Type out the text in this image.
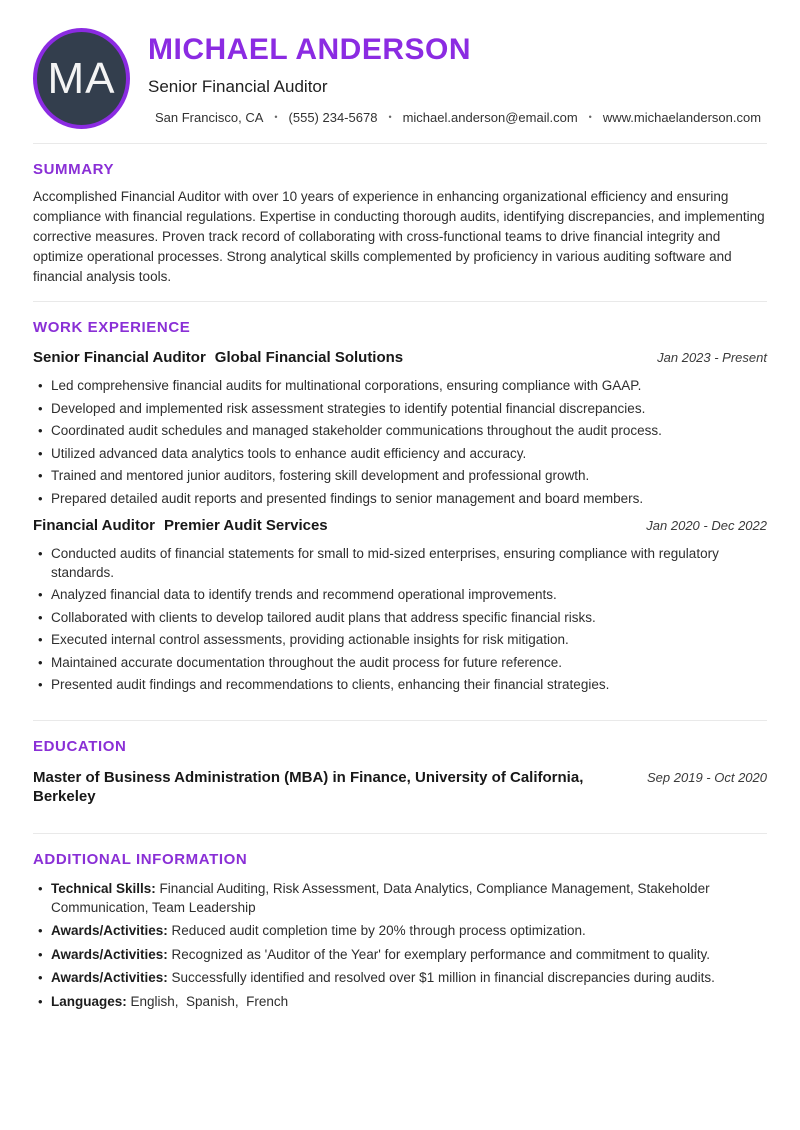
MA
MICHAEL ANDERSON
Senior Financial Auditor
San Francisco, CA • (555) 234-5678 • michael.anderson@email.com • www.michaelanderson.com
SUMMARY

Accomplished Financial Auditor with over 10 years of experience in enhancing organizational efficiency and ensuring compliance with financial regulations. Expertise in conducting thorough audits, identifying discrepancies, and implementing corrective measures. Proven track record of collaborating with cross-functional teams to drive financial integrity and optimize operational processes. Strong analytical skills complemented by proficiency in various auditing software and financial analysis tools.

WORK EXPERIENCE
Senior Financial Auditor Global Financial Solutions	Jan 2023 - Present
• Led comprehensive financial audits for multinational corporations, ensuring compliance with GAAP.
• Developed and implemented risk assessment strategies to identify potential financial discrepancies.
• Coordinated audit schedules and managed stakeholder communications throughout the audit process.
• Utilized advanced data analytics tools to enhance audit efficiency and accuracy.
• Trained and mentored junior auditors, fostering skill development and professional growth.
• Prepared detailed audit reports and presented findings to senior management and board members.
Financial Auditor Premier Audit Services	Jan 2020 - Dec 2022
• Conducted audits of financial statements for small to mid-sized enterprises, ensuring compliance with regulatory standards.
• Analyzed financial data to identify trends and recommend operational improvements.
• Collaborated with clients to develop tailored audit plans that address specific financial risks.
• Executed internal control assessments, providing actionable insights for risk mitigation.
• Maintained accurate documentation throughout the audit process for future reference.
• Presented audit findings and recommendations to clients, enhancing their financial strategies.
EDUCATION
Master of Business Administration (MBA) in Finance, University of California, Berkeley
Sep 2019 - Oct 2020
ADDITIONAL INFORMATION
• Technical Skills: Financial Auditing, Risk Assessment, Data Analytics, Compliance Management, Stakeholder Communication, Team Leadership
• Awards/Activities: Reduced audit completion time by 20% through process optimization.
• Awards/Activities: Recognized as 'Auditor of the Year' for exemplary performance and commitment to quality.
• Awards/Activities: Successfully identified and resolved over $1 million in financial discrepancies during audits.
• Languages: English,  Spanish,  French
